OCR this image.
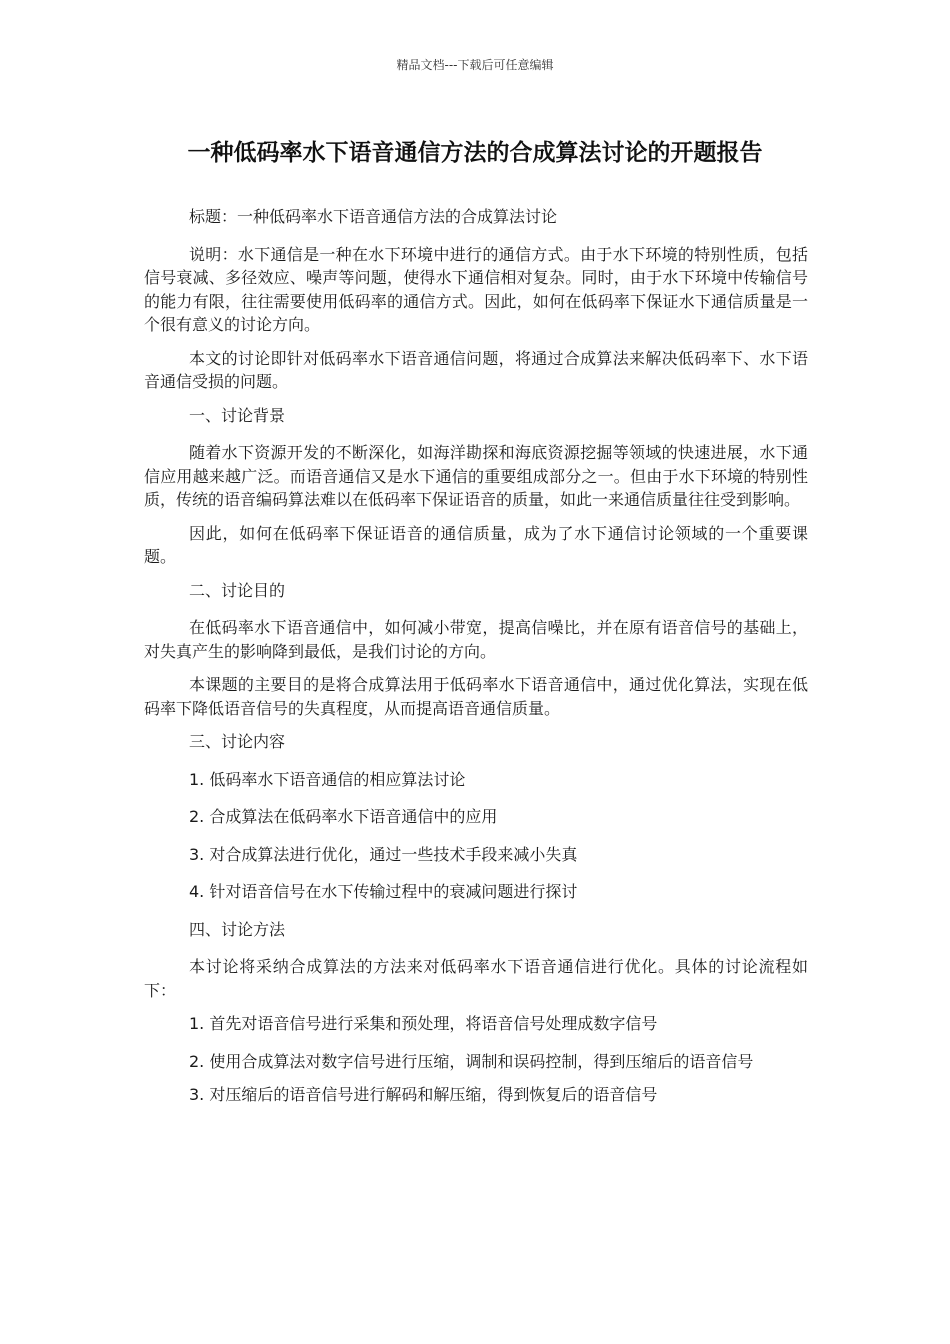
精品文档---下载后可任意编辑
一种低码率水下语音通信方法的合成算法讨论的开题报告

标题：一种低码率水下语音通信方法的合成算法讨论

说明：水下通信是一种在水下环境中进行的通信方式。由于水下环境的特别性质，包括信号衰减、多径效应、噪声等问题，使得水下通信相对复杂。同时，由于水下环境中传输信号的能力有限，往往需要使用低码率的通信方式。因此，如何在低码率下保证水下通信质量是一个很有意义的讨论方向。

本文的讨论即针对低码率水下语音通信问题，将通过合成算法来解决低码率下、水下语音通信受损的问题。

一、讨论背景

随着水下资源开发的不断深化，如海洋勘探和海底资源挖掘等领域的快速进展，水下通信应用越来越广泛。而语音通信又是水下通信的重要组成部分之一。但由于水下环境的特别性质，传统的语音编码算法难以在低码率下保证语音的质量，如此一来通信质量往往受到影响。

因此，如何在低码率下保证语音的通信质量，成为了水下通信讨论领域的一个重要课题。

二、讨论目的

在低码率水下语音通信中，如何减小带宽，提高信噪比，并在原有语音信号的基础上，对失真产生的影响降到最低，是我们讨论的方向。

本课题的主要目的是将合成算法用于低码率水下语音通信中，通过优化算法，实现在低码率下降低语音信号的失真程度，从而提高语音通信质量。

三、讨论内容

1. 低码率水下语音通信的相应算法讨论

2. 合成算法在低码率水下语音通信中的应用

3. 对合成算法进行优化，通过一些技术手段来减小失真

4. 针对语音信号在水下传输过程中的衰减问题进行探讨

四、讨论方法

本讨论将采纳合成算法的方法来对低码率水下语音通信进行优化。具体的讨论流程如下：

1. 首先对语音信号进行采集和预处理，将语音信号处理成数字信号

2. 使用合成算法对数字信号进行压缩，调制和误码控制，得到压缩后的语音信号

3. 对压缩后的语音信号进行解码和解压缩，得到恢复后的语音信号
